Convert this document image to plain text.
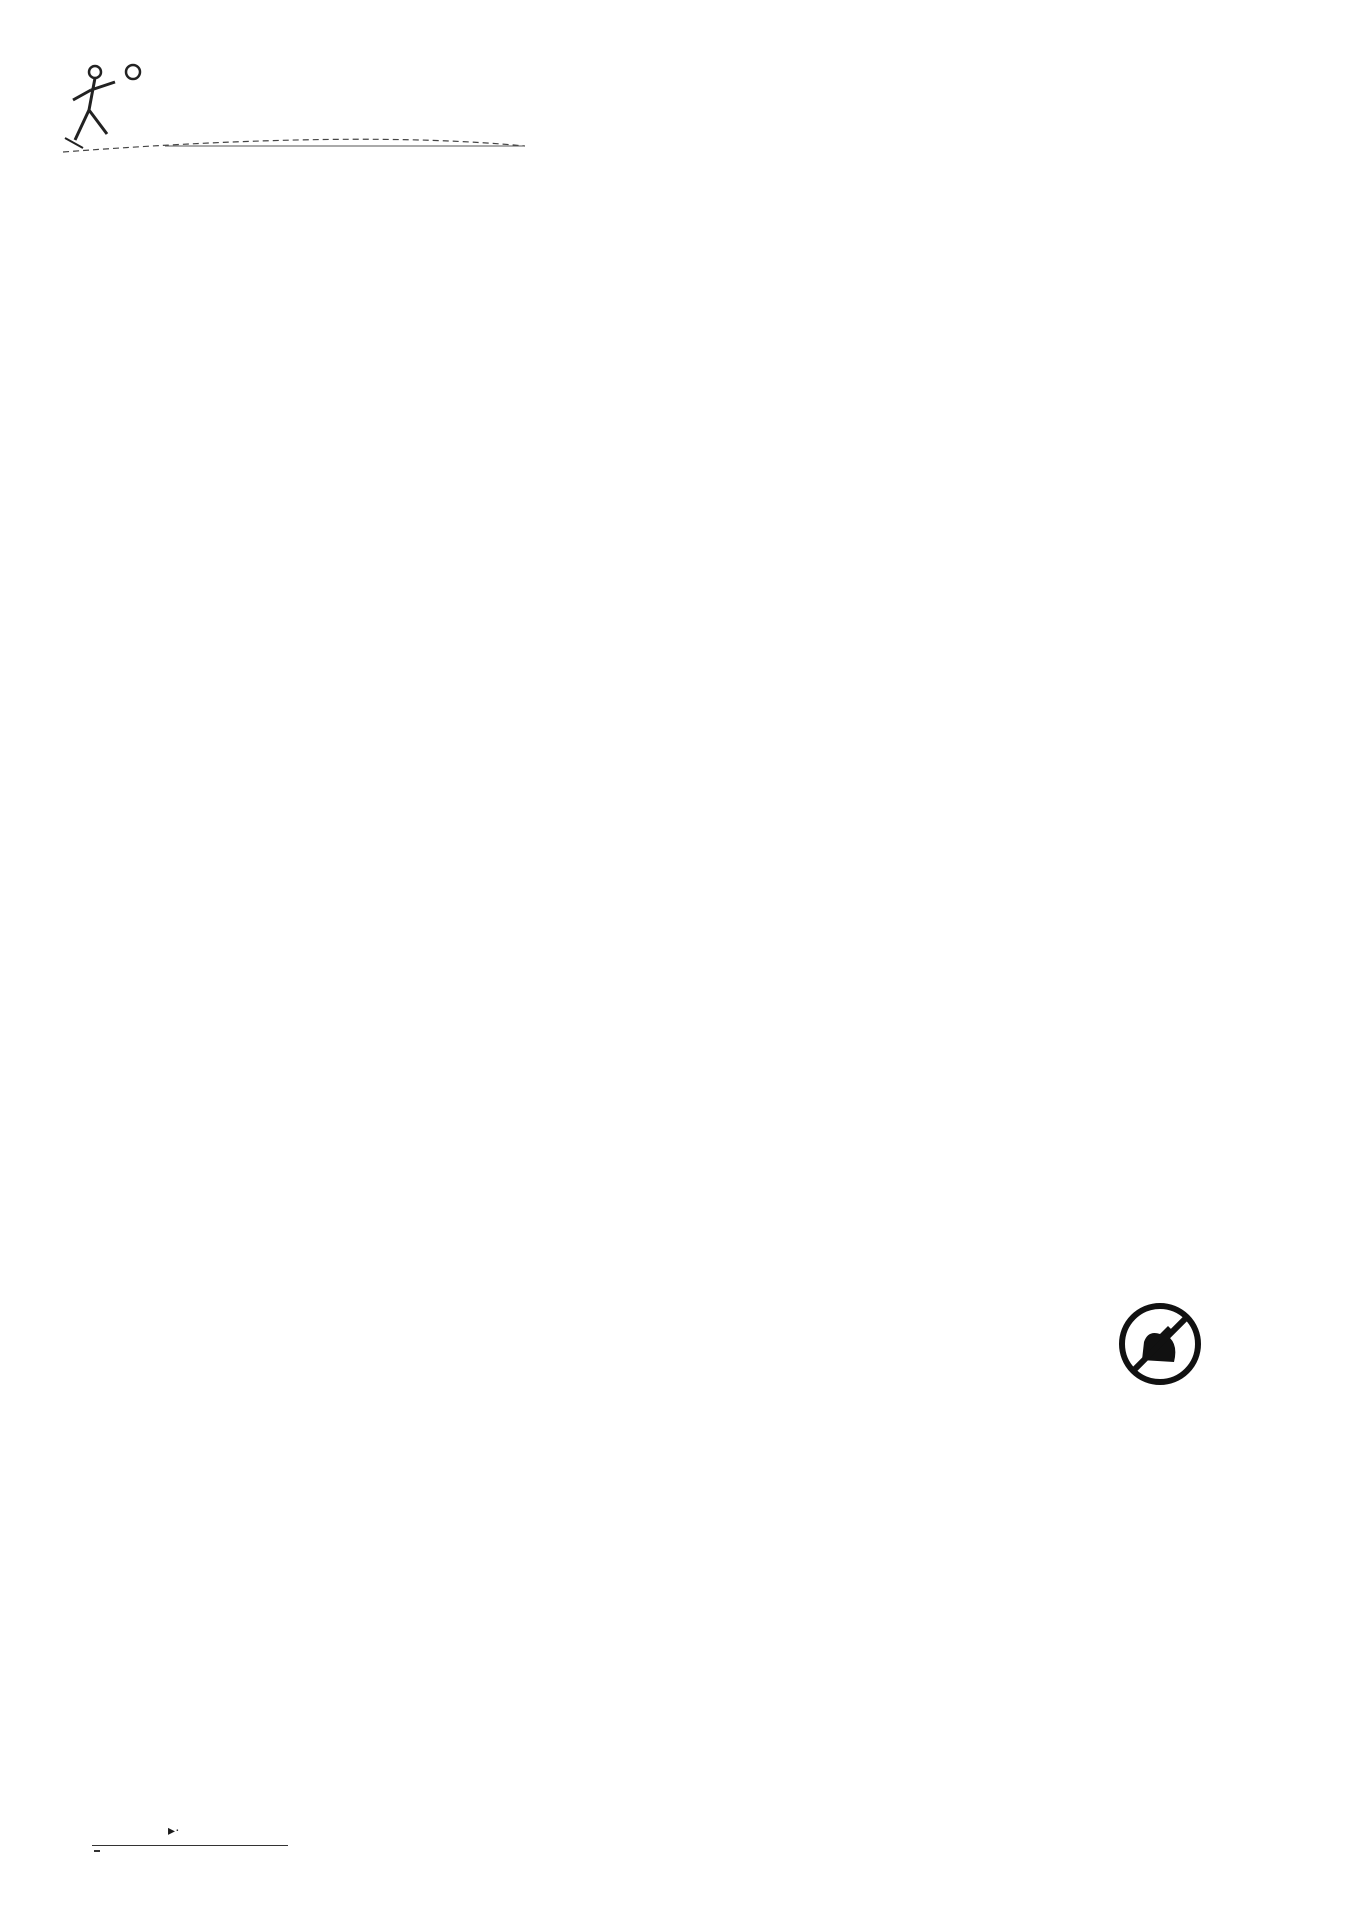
▸·
